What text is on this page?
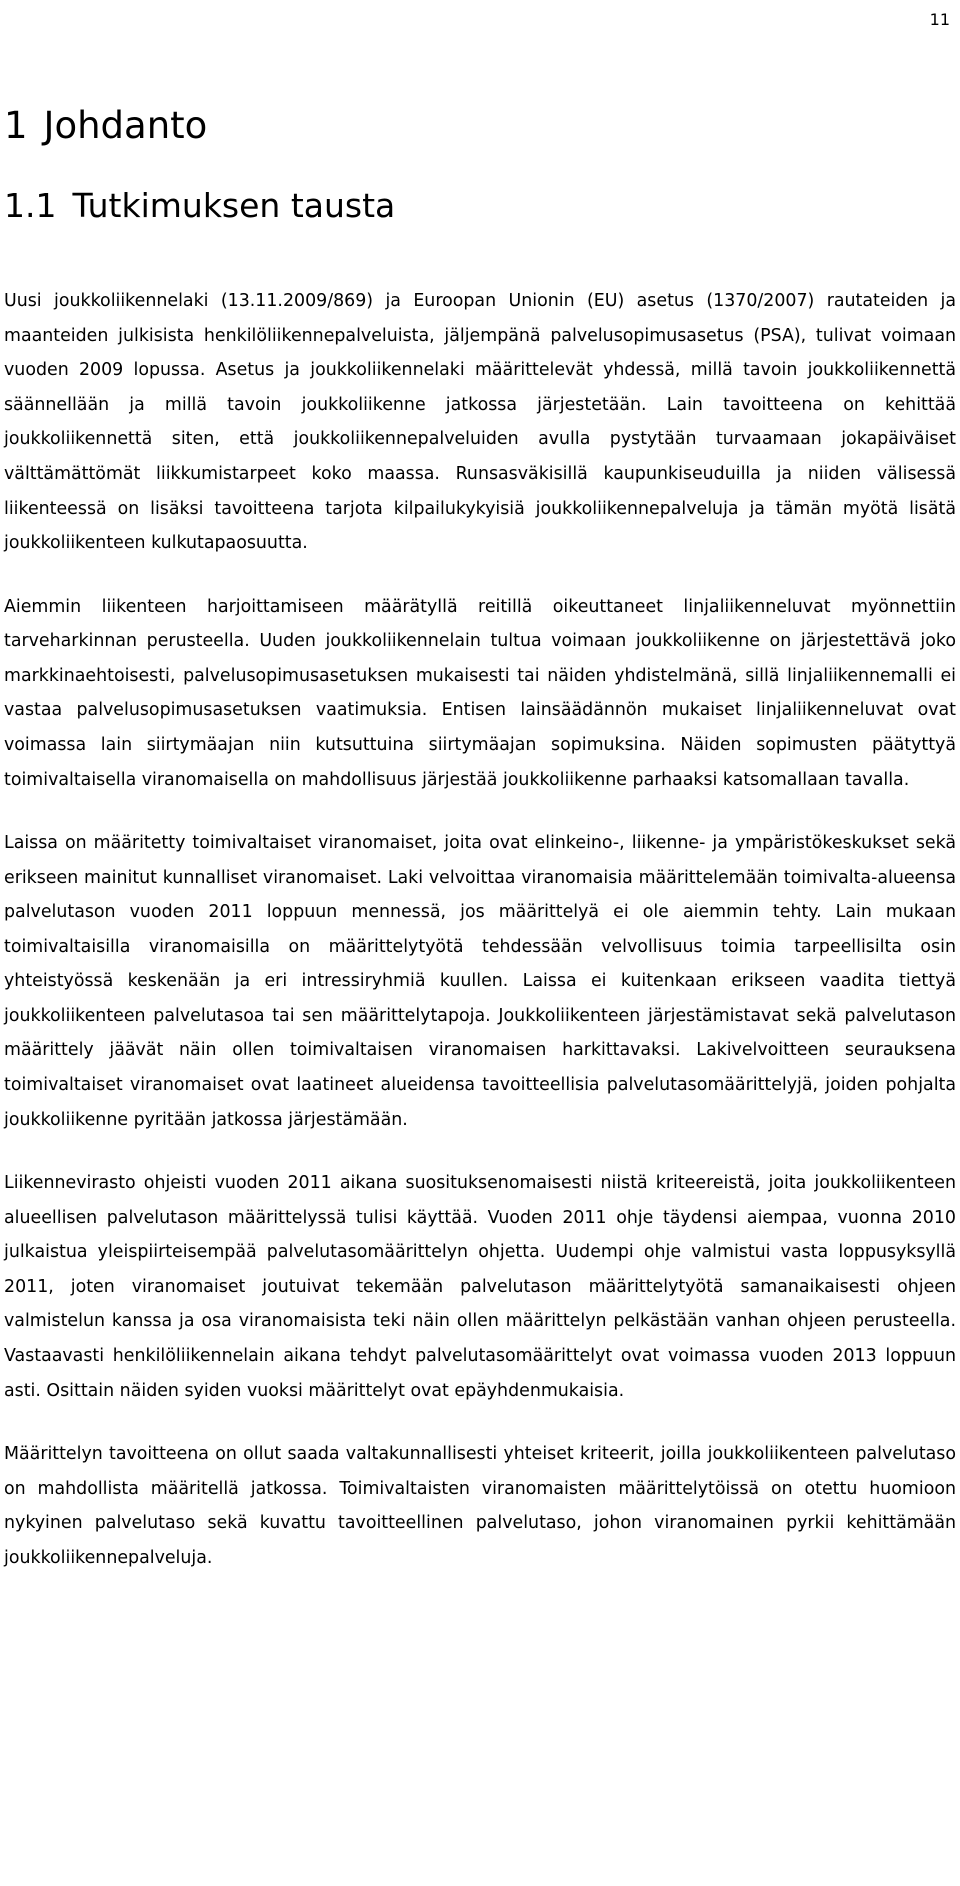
11
1 Johdanto
1.1 Tutkimuksen tausta

Uusi joukkoliikennelaki (13.11.2009/869) ja Euroopan Unionin (EU) asetus (1370/2007) rautateiden ja maanteiden julkisista henkilöliikennepalveluista, jäljempänä palvelusopimusasetus (PSA), tulivat voimaan vuoden 2009 lopussa. Asetus ja joukkoliikennelaki määrittelevät yhdessä, millä tavoin joukkoliikennettä säännellään ja millä tavoin joukkoliikenne jatkossa järjestetään. Lain tavoitteena on kehittää joukkoliikennettä siten, että joukkoliikennepalveluiden avulla pystytään turvaamaan jokapäiväiset välttämättömät liikkumistarpeet koko maassa. Runsasväkisillä kaupunkiseuduilla ja niiden välisessä liikenteessä on lisäksi tavoitteena tarjota kilpailukykyisiä joukkoliikennepalveluja ja tämän myötä lisätä joukkoliikenteen kulkutapaosuutta.

Aiemmin liikenteen harjoittamiseen määrätyllä reitillä oikeuttaneet linjaliikenneluvat myönnettiin tarveharkinnan perusteella. Uuden joukkoliikennelain tultua voimaan joukkoliikenne on järjestettävä joko markkinaehtoisesti, palvelusopimusasetuksen mukaisesti tai näiden yhdistelmänä, sillä linjaliikennemalli ei vastaa palvelusopimusasetuksen vaatimuksia. Entisen lainsäädännön mukaiset linjaliikenneluvat ovat voimassa lain siirtymäajan niin kutsuttuina siirtymäajan sopimuksina. Näiden sopimusten päätyttyä toimivaltaisella viranomaisella on mahdollisuus järjestää joukkoliikenne parhaaksi katsomallaan tavalla.

Laissa on määritetty toimivaltaiset viranomaiset, joita ovat elinkeino-, liikenne- ja ympäristökeskukset sekä erikseen mainitut kunnalliset viranomaiset. Laki velvoittaa viranomaisia määrittelemään toimivalta-alueensa palvelutason vuoden 2011 loppuun mennessä, jos määrittelyä ei ole aiemmin tehty. Lain mukaan toimivaltaisilla viranomaisilla on määrittelytyötä tehdessään velvollisuus toimia tarpeellisilta osin yhteistyössä keskenään ja eri intressiryhmiä kuullen. Laissa ei kuitenkaan erikseen vaadita tiettyä joukkoliikenteen palvelutasoa tai sen määrittelytapoja. Joukkoliikenteen järjestämistavat sekä palvelutason määrittely jäävät näin ollen toimivaltaisen viranomaisen harkittavaksi. Lakivelvoitteen seurauksena toimivaltaiset viranomaiset ovat laatineet alueidensa tavoitteellisia palvelutasomäärittelyjä, joiden pohjalta joukkoliikenne pyritään jatkossa järjestämään.

Liikennevirasto ohjeisti vuoden 2011 aikana suosituksenomaisesti niistä kriteereistä, joita joukkoliikenteen alueellisen palvelutason määrittelyssä tulisi käyttää. Vuoden 2011 ohje täydensi aiempaa, vuonna 2010 julkaistua yleispiirteisempää palvelutasomäärittelyn ohjetta. Uudempi ohje valmistui vasta loppusyksyllä 2011, joten viranomaiset joutuivat tekemään palvelutason määrittelytyötä samanaikaisesti ohjeen valmistelun kanssa ja osa viranomaisista teki näin ollen määrittelyn pelkästään vanhan ohjeen perusteella. Vastaavasti henkilöliikennelain aikana tehdyt palvelutasomäärittelyt ovat voimassa vuoden 2013 loppuun asti. Osittain näiden syiden vuoksi määrittelyt ovat epäyhdenmukaisia.

Määrittelyn tavoitteena on ollut saada valtakunnallisesti yhteiset kriteerit, joilla joukkoliikenteen palvelutaso on mahdollista määritellä jatkossa. Toimivaltaisten viranomaisten määrittelytöissä on otettu huomioon nykyinen palvelutaso sekä kuvattu tavoitteellinen palvelutaso, johon viranomainen pyrkii kehittämään joukkoliikennepalveluja.
